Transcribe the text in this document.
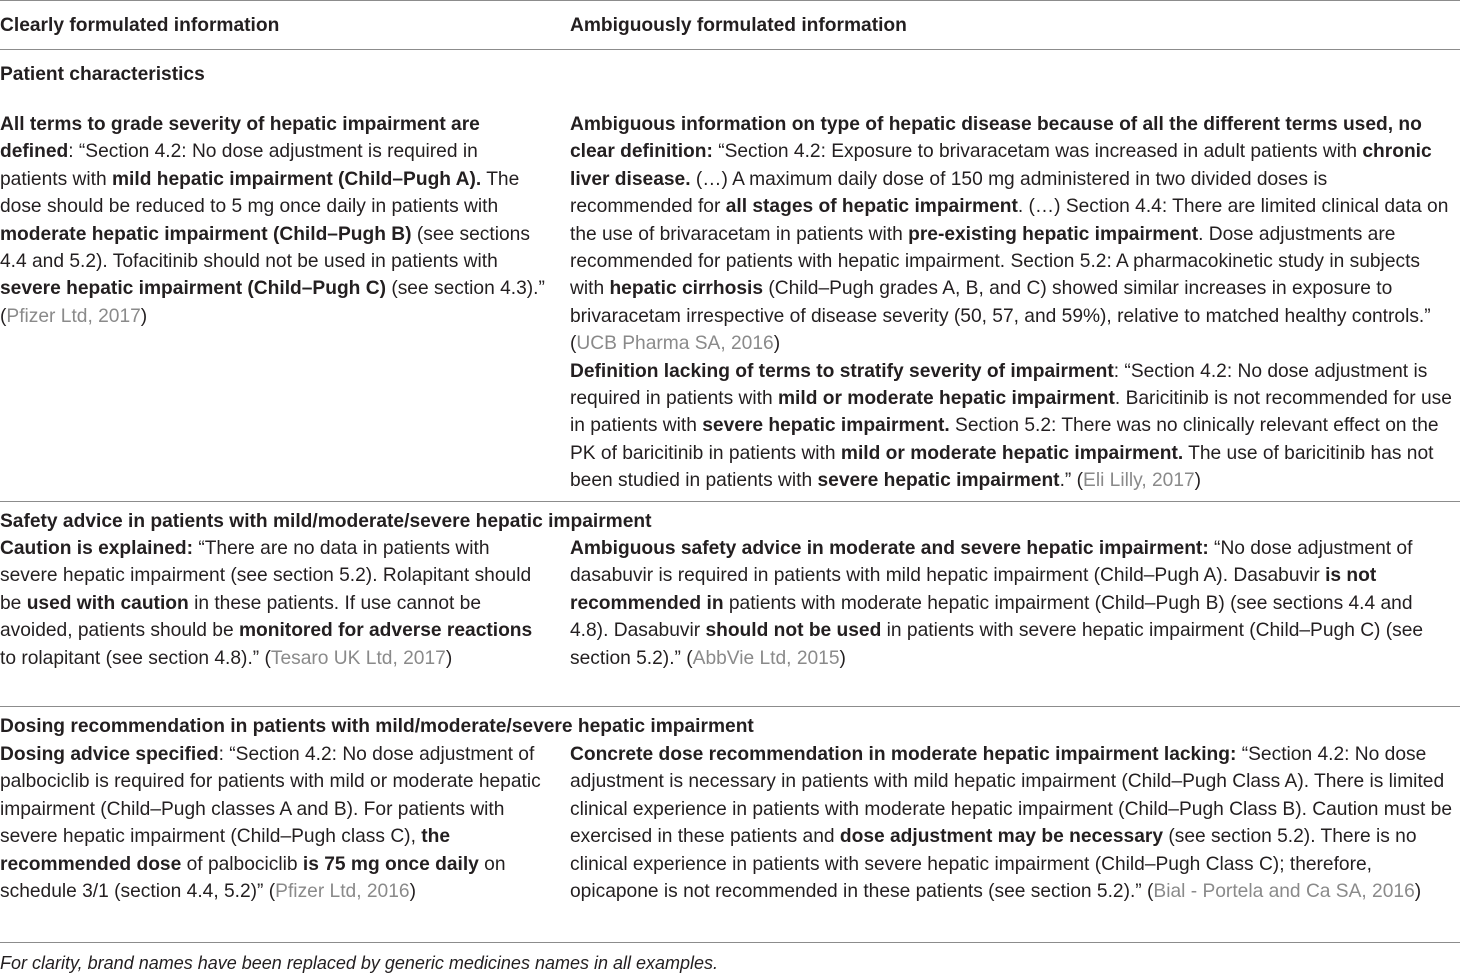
Clearly formulated information	Ambiguously formulated information
Patient characteristics

All terms to grade severity of hepatic impairment are defined: “Section 4.2: No dose adjustment is required in patients with mild hepatic impairment (Child–Pugh A). The dose should be reduced to 5 mg once daily in patients with moderate hepatic impairment (Child–Pugh B) (see sections 4.4 and 5.2). Tofacitinib should not be used in patients with severe hepatic impairment (Child–Pugh C) (see section 4.3).” (Pfizer Ltd, 2017)

Ambiguous information on type of hepatic disease because of all the different terms used, no clear definition: “Section 4.2: Exposure to brivaracetam was increased in adult patients with chronic liver disease. (…) A maximum daily dose of 150 mg administered in two divided doses is recommended for all stages of hepatic impairment. (…) Section 4.4: There are limited clinical data on the use of brivaracetam in patients with pre-existing hepatic impairment. Dose adjustments are recommended for patients with hepatic impairment. Section 5.2: A pharmacokinetic study in subjects with hepatic cirrhosis (Child–Pugh grades A, B, and C) showed similar increases in exposure to brivaracetam irrespective of disease severity (50, 57, and 59%), relative to matched healthy controls.” (UCB Pharma SA, 2016)

Definition lacking of terms to stratify severity of impairment: “Section 4.2: No dose adjustment is required in patients with mild or moderate hepatic impairment. Baricitinib is not recommended for use in patients with severe hepatic impairment. Section 5.2: There was no clinically relevant effect on the PK of baricitinib in patients with mild or moderate hepatic impairment. The use of baricitinib has not been studied in patients with severe hepatic impairment.” (Eli Lilly, 2017)

Safety advice in patients with mild/moderate/severe hepatic impairment

Caution is explained: “There are no data in patients with severe hepatic impairment (see section 5.2). Rolapitant should be used with caution in these patients. If use cannot be avoided, patients should be monitored for adverse reactions to rolapitant (see section 4.8).” (Tesaro UK Ltd, 2017)

Ambiguous safety advice in moderate and severe hepatic impairment: “No dose adjustment of dasabuvir is required in patients with mild hepatic impairment (Child–Pugh A). Dasabuvir is not recommended in patients with moderate hepatic impairment (Child–Pugh B) (see sections 4.4 and 4.8). Dasabuvir should not be used in patients with severe hepatic impairment (Child–Pugh C) (see section 5.2).” (AbbVie Ltd, 2015)

Dosing recommendation in patients with mild/moderate/severe hepatic impairment

Dosing advice specified: “Section 4.2: No dose adjustment of palbociclib is required for patients with mild or moderate hepatic impairment (Child–Pugh classes A and B). For patients with severe hepatic impairment (Child–Pugh class C), the recommended dose of palbociclib is 75 mg once daily on schedule 3/1 (section 4.4, 5.2)” (Pfizer Ltd, 2016)

Concrete dose recommendation in moderate hepatic impairment lacking: “Section 4.2: No dose adjustment is necessary in patients with mild hepatic impairment (Child–Pugh Class A). There is limited clinical experience in patients with moderate hepatic impairment (Child–Pugh Class B). Caution must be exercised in these patients and dose adjustment may be necessary (see section 5.2). There is no clinical experience in patients with severe hepatic impairment (Child–Pugh Class C); therefore, opicapone is not recommended in these patients (see section 5.2).” (Bial - Portela and Ca SA, 2016)

For clarity, brand names have been replaced by generic medicines names in all examples.
